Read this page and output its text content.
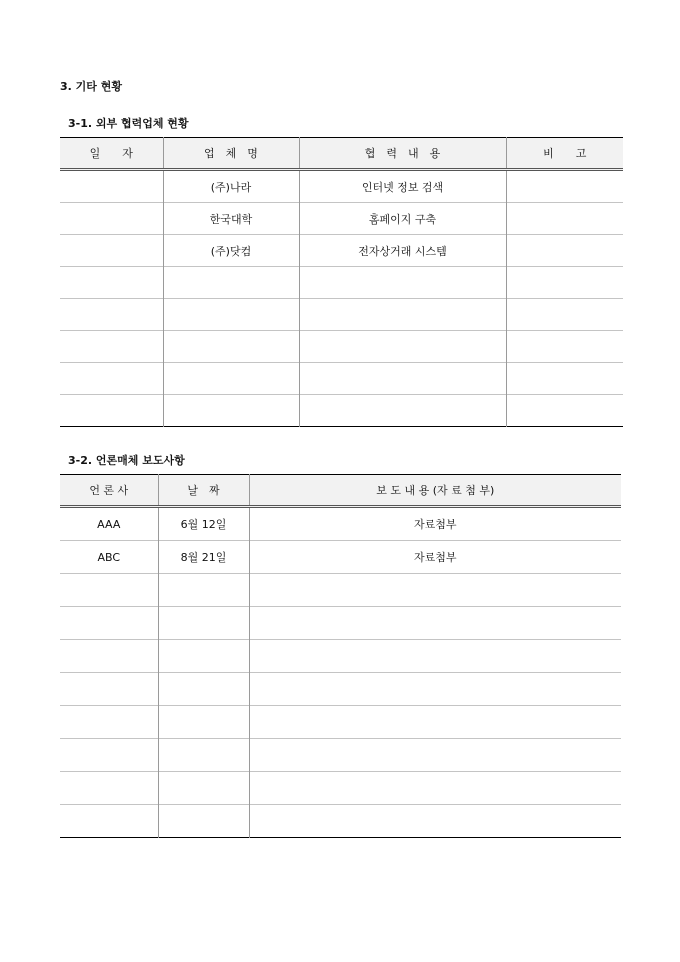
3. 기타 현황
3-1. 외부 협력업체 현황
일　　자	업　체　명	협　력　내　용	비　　고
	(주)나라	인터넷 정보 검색	
	한국대학	홈페이지 구축	
	(주)닷컴	전자상거래 시스템	

3-2. 언론매체 보도사항
언 론 사	날　짜	보 도 내 용 (자 료 첨 부)
AAA	6월 12일	자료첨부
ABC	8월 21일	자료첨부
